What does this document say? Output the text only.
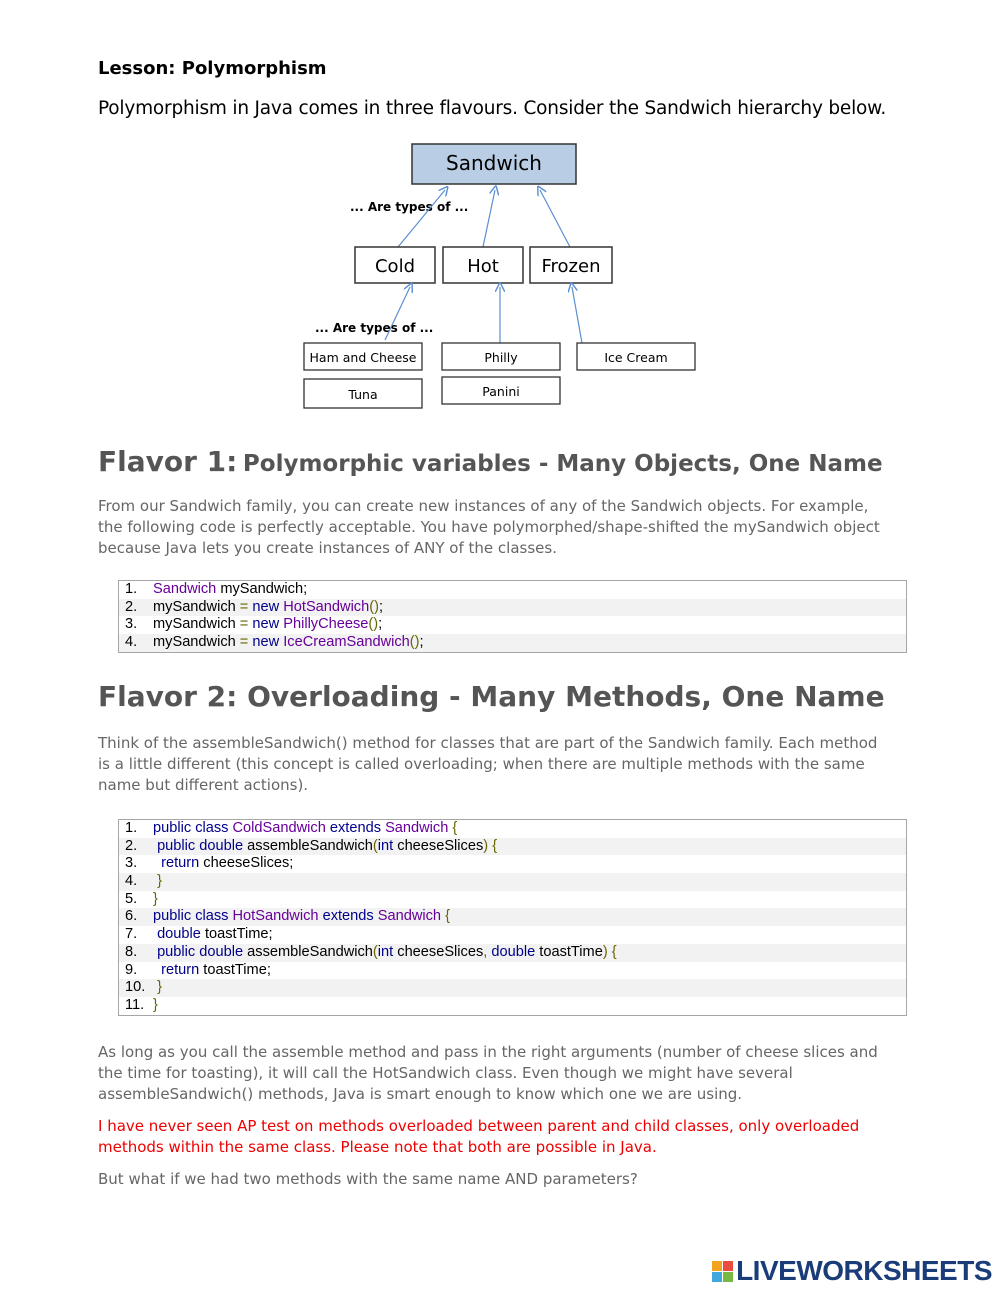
Lesson: Polymorphism
Polymorphism in Java comes in three flavours. Consider the Sandwich hierarchy below.
Sandwich
... Are types of ...
Cold	Hot Frozen
... Are types of ...
Ham and Cheese	Philly	Ice Cream
Tuna	Panini
Flavor 1: Polymorphic variables - Many Objects, One Name
From our Sandwich family, you can create new instances of any of the Sandwich objects. For example, the following code is perfectly acceptable. You have polymorphed/shape-shifted the mySandwich object because Java lets you create instances of ANY of the classes.
1. Sandwich mySandwich;
2. mySandwich = new HotSandwich();
3. mySandwich = new PhillyCheese();
4. mySandwich = new IceCreamSandwich();
Flavor 2: Overloading - Many Methods, One Name
Think of the assembleSandwich() method for classes that are part of the Sandwich family. Each method is a little different (this concept is called overloading; when there are multiple methods with the same name but different actions).
1. public class ColdSandwich extends Sandwich {
2. public double assembleSandwich(int cheeseSlices) {
3. return cheeseSlices;
4. }
5. }
6. public class HotSandwich extends Sandwich {
7. double toastTime;
8. public double assembleSandwich(int cheeseSlices, double toastTime) {
9. return toastTime;
10. }
11. }
As long as you call the assemble method and pass in the right arguments (number of cheese slices and the time for toasting), it will call the HotSandwich class. Even though we might have several assembleSandwich() methods, Java is smart enough to know which one we are using.
I have never seen AP test on methods overloaded between parent and child classes, only overloaded methods within the same class. Please note that both are possible in Java.
But what if we had two methods with the same name AND parameters?
LIVEWORKSHEETS
